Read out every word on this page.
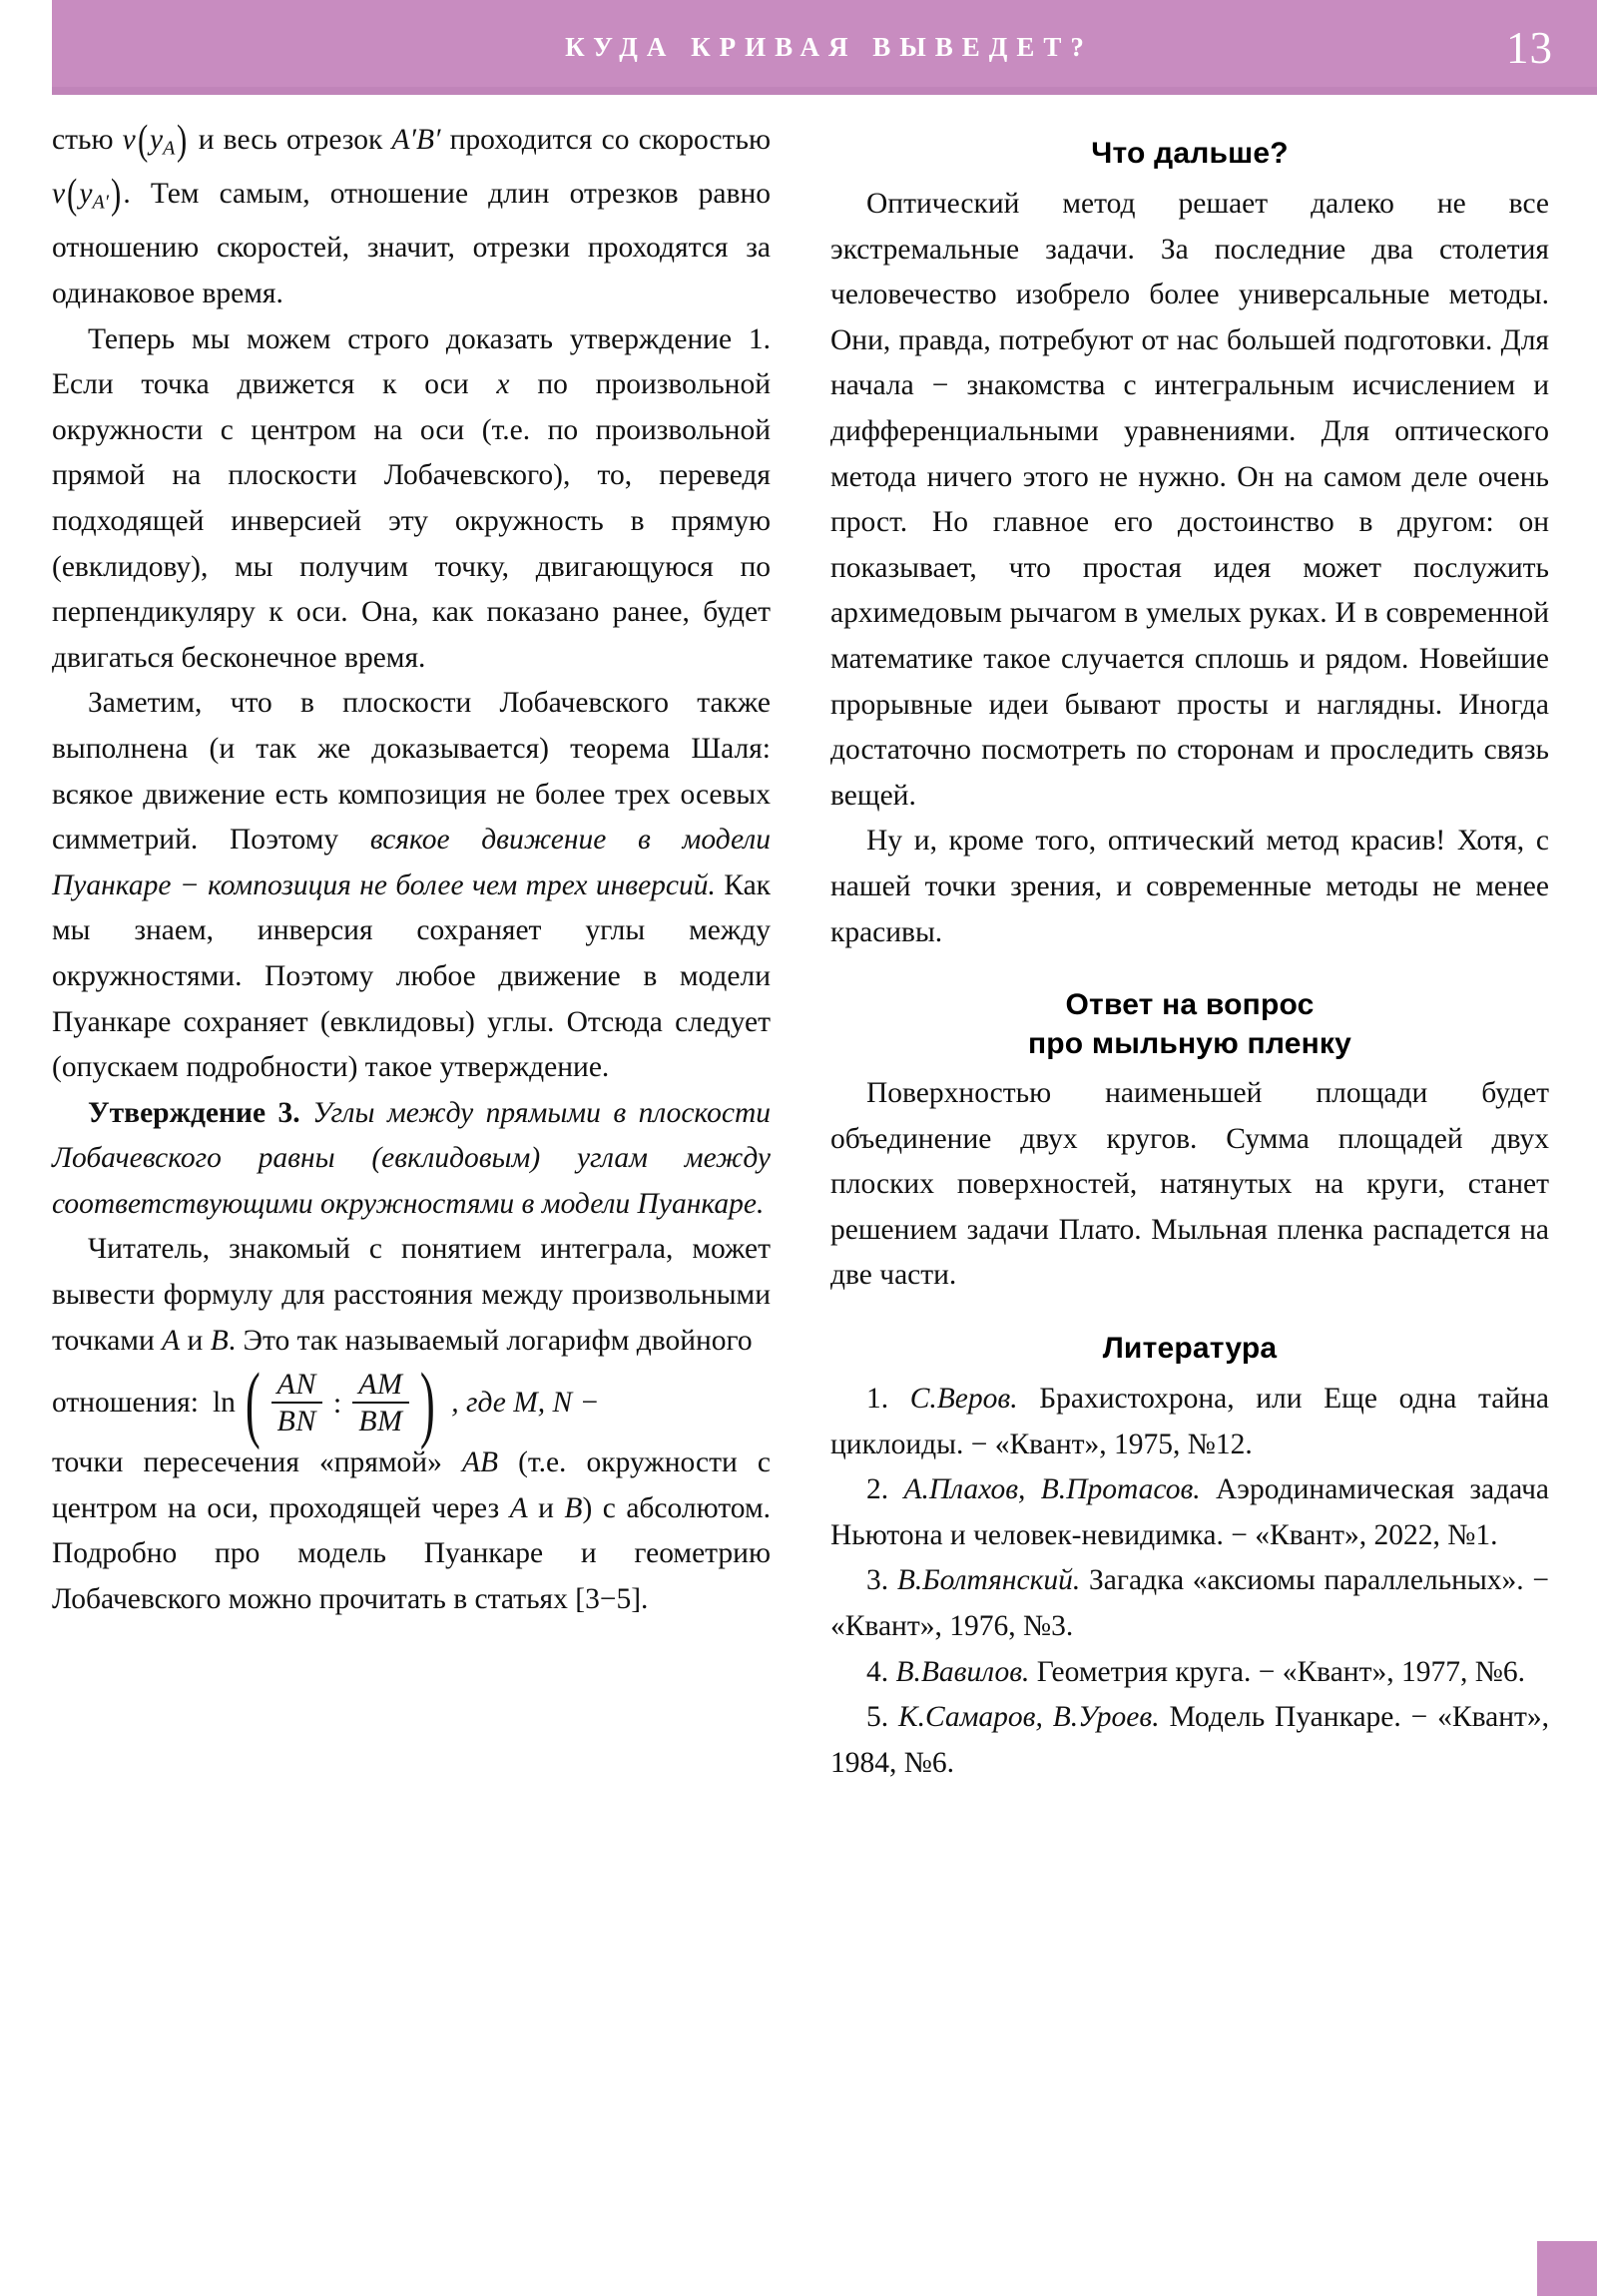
КУДА КРИВАЯ ВЫВЕДЕТ?	13

стью $v(y_A)$ и весь отрезок A′B′ проходится со скоростью $v(y_{A'})$. Тем самым, отношение длин отрезков равно отношению скоростей, значит, отрезки проходятся за одинаковое время.

Теперь мы можем строго доказать утверждение 1. Если точка движется к оси x по произвольной окружности с центром на оси (т.е. по произвольной прямой на плоскости Лобачевского), то, переведя подходящей инверсией эту окружность в прямую (евклидову), мы получим точку, двигающуюся по перпендикуляру к оси. Она, как показано ранее, будет двигаться бесконечное время.

Заметим, что в плоскости Лобачевского также выполнена (и так же доказывается) теорема Шаля: всякое движение есть композиция не более трех осевых симметрий. Поэтому всякое движение в модели Пуанкаре − композиция не более чем трех инверсий. Как мы знаем, инверсия сохраняет углы между окружностями. Поэтому любое движение в модели Пуанкаре сохраняет (евклидовы) углы. Отсюда следует (опускаем подробности) такое утверждение.

Утверждение 3. Углы между прямыми в плоскости Лобачевского равны (евклидовым) углам между соответствующими окружностями в модели Пуанкаре.

Читатель, знакомый с понятием интеграла, может вывести формулу для расстояния между произвольными точками A и B. Это так называемый логарифм двойного

отношения: ln ( $\frac{AN}{BN}$ : $\frac{AM}{BM}$ ) , где M, N −

точки пересечения «прямой» AB (т.е. окружности с центром на оси, проходящей через A и B) с абсолютом. Подробно про модель Пуанкаре и геометрию Лобачевского можно прочитать в статьях [3−5].

Что дальше?

Оптический метод решает далеко не все экстремальные задачи. За последние два столетия человечество изобрело более универсальные методы. Они, правда, потребуют от нас большей подготовки. Для начала − знакомства с интегральным исчислением и дифференциальными уравнениями. Для оптического метода ничего этого не нужно. Он на самом деле очень прост. Но главное его достоинство в другом: он показывает, что простая идея может послужить архимедовым рычагом в умелых руках. И в современной математике такое случается сплошь и рядом. Новейшие прорывные идеи бывают просты и наглядны. Иногда достаточно посмотреть по сторонам и проследить связь вещей.

Ну и, кроме того, оптический метод красив! Хотя, с нашей точки зрения, и современные методы не менее красивы.

Ответ на вопрос
про мыльную пленку

Поверхностью наименьшей площади будет объединение двух кругов. Сумма площадей двух плоских поверхностей, натянутых на круги, станет решением задачи Плато. Мыльная пленка распадется на две части.

Литература

1. С.Веров. Брахистохрона, или Еще одна тайна циклоиды. − «Квант», 1975, №12.

2. А.Плахов, В.Протасов. Аэродинамическая задача Ньютона и человек-невидимка. − «Квант», 2022, №1.

3. В.Болтянский. Загадка «аксиомы параллельных». − «Квант», 1976, №3.

4. В.Вавилов. Геометрия круга. − «Квант», 1977, №6.

5. К.Самаров, В.Уроев. Модель Пуанкаре. − «Квант», 1984, №6.
